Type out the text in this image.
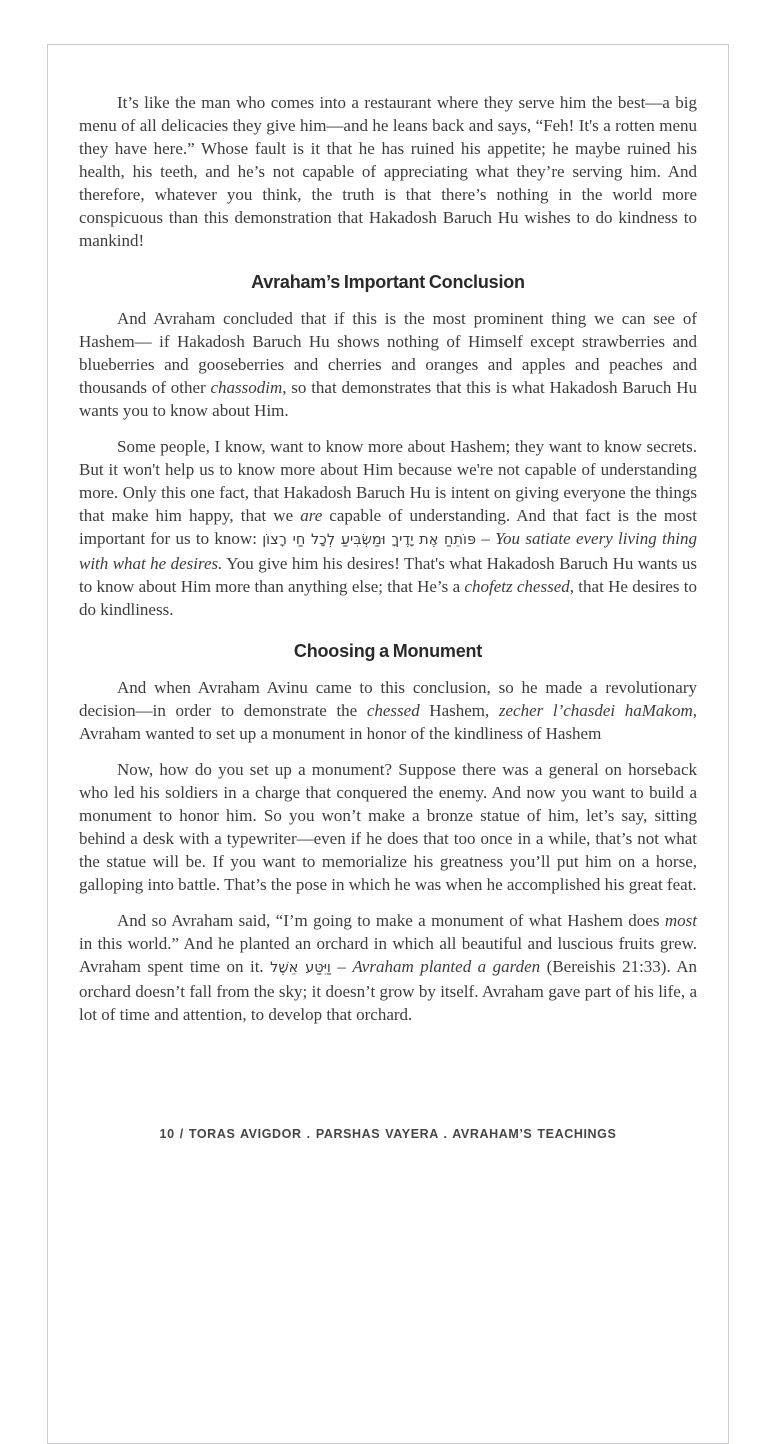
It’s like the man who comes into a restaurant where they serve him the best—a big menu of all delicacies they give him—and he leans back and says, “Feh! It's a rotten menu they have here.” Whose fault is it that he has ruined his appetite; he maybe ruined his health, his teeth, and he’s not capable of appreciating what they’re serving him. And therefore, whatever you think, the truth is that there’s nothing in the world more conspicuous than this demonstration that Hakadosh Baruch Hu wishes to do kindness to mankind!

Avraham’s Important Conclusion

And Avraham concluded that if this is the most prominent thing we can see of Hashem— if Hakadosh Baruch Hu shows nothing of Himself except strawberries and blueberries and gooseberries and cherries and oranges and apples and peaches and thousands of other chassodim, so that demonstrates that this is what Hakadosh Baruch Hu wants you to know about Him.

Some people, I know, want to know more about Hashem; they want to know secrets. But it won't help us to know more about Him because we're not capable of understanding more. Only this one fact, that Hakadosh Baruch Hu is intent on giving everyone the things that make him happy, that we are capable of understanding. And that fact is the most important for us to know: פּוֹתֵחַ אֶת יָדֶיךָ וּמַשְׂבִּיעַ לְכָל חַי רָצוֹן – You satiate every living thing with what he desires. You give him his desires! That's what Hakadosh Baruch Hu wants us to know about Him more than anything else; that He’s a chofetz chessed, that He desires to do kindliness.

Choosing a Monument

And when Avraham Avinu came to this conclusion, so he made a revolutionary decision—in order to demonstrate the chessed Hashem, zecher l’chasdei haMakom, Avraham wanted to set up a monument in honor of the kindliness of Hashem

Now, how do you set up a monument? Suppose there was a general on horseback who led his soldiers in a charge that conquered the enemy. And now you want to build a monument to honor him. So you won’t make a bronze statue of him, let’s say, sitting behind a desk with a typewriter—even if he does that too once in a while, that’s not what the statue will be. If you want to memorialize his greatness you’ll put him on a horse, galloping into battle. That’s the pose in which he was when he accomplished his great feat.

And so Avraham said, “I’m going to make a monument of what Hashem does most in this world.” And he planted an orchard in which all beautiful and luscious fruits grew. Avraham spent time on it. וַיִּטַּע אֵשֶׁל – Avraham planted a garden (Bereishis 21:33). An orchard doesn’t fall from the sky; it doesn’t grow by itself. Avraham gave part of his life, a lot of time and attention, to develop that orchard.

10 / TORAS AVIGDOR . PARSHAS VAYERA . AVRAHAM’S TEACHINGS
